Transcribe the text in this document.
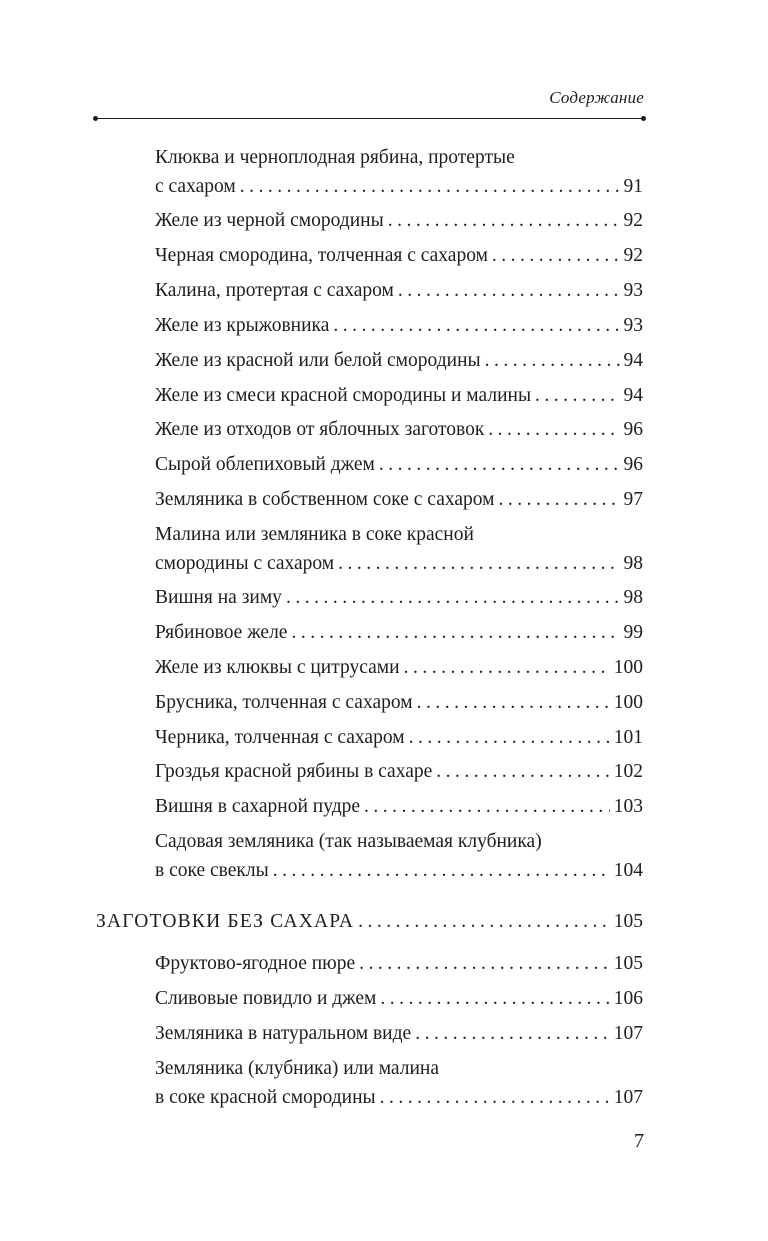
Содержание
Клюква и черноплодная рябина, протертые
с сахаром .....	91
Желе из черной смородины .....	92
Черная смородина, толченная с сахаром .....	92
Калина, протертая с сахаром .....	93
Желе из крыжовника .....	93
Желе из красной или белой смородины .....	94
Желе из смеси красной смородины и малины .....	94
Желе из отходов от яблочных заготовок .....	96
Сырой облепиховый джем .....	96
Земляника в собственном соке с сахаром .....	97
Малина или земляника в соке красной
смородины с сахаром .....	98
Вишня на зиму .....	98
Рябиновое желе .....	99
Желе из клюквы с цитрусами .....	100
Брусника, толченная с сахаром .....	100
Черника, толченная с сахаром .....	101
Гроздья красной рябины в сахаре .....	102
Вишня в сахарной пудре .....	103
Садовая земляника (так называемая клубника)
в соке свеклы .....	104
ЗАГОТОВКИ БЕЗ САХАРА .....	105
Фруктово-ягодное пюре .....	105
Сливовые повидло и джем .....	106
Земляника в натуральном виде .....	107
Земляника (клубника) или малина
в соке красной смородины .....	107
7
